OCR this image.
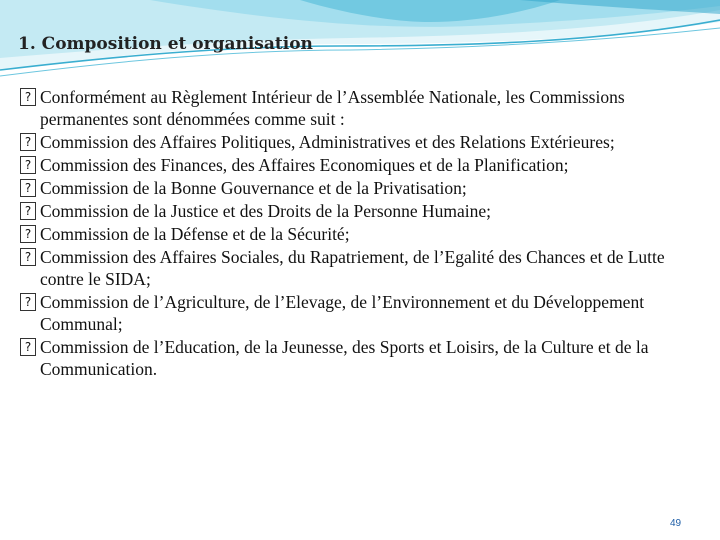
1. Composition et organisation
? Conformément au Règlement Intérieur de l’Assemblée Nationale, les Commissions permanentes sont dénommées comme suit :
? Commission des Affaires Politiques, Administratives et des Relations Extérieures;
? Commission des Finances, des Affaires Economiques et de la Planification;
? Commission de la Bonne Gouvernance et de la Privatisation;
? Commission de la Justice et des Droits de la Personne Humaine;
? Commission de la Défense et de la Sécurité;
? Commission des Affaires Sociales, du Rapatriement, de l’Egalité des Chances et de Lutte contre le SIDA;
? Commission de l’Agriculture, de l’Elevage, de l’Environnement et du Développement Communal;
? Commission de l’Education, de la Jeunesse, des Sports et Loisirs, de la Culture et de la Communication.
49
